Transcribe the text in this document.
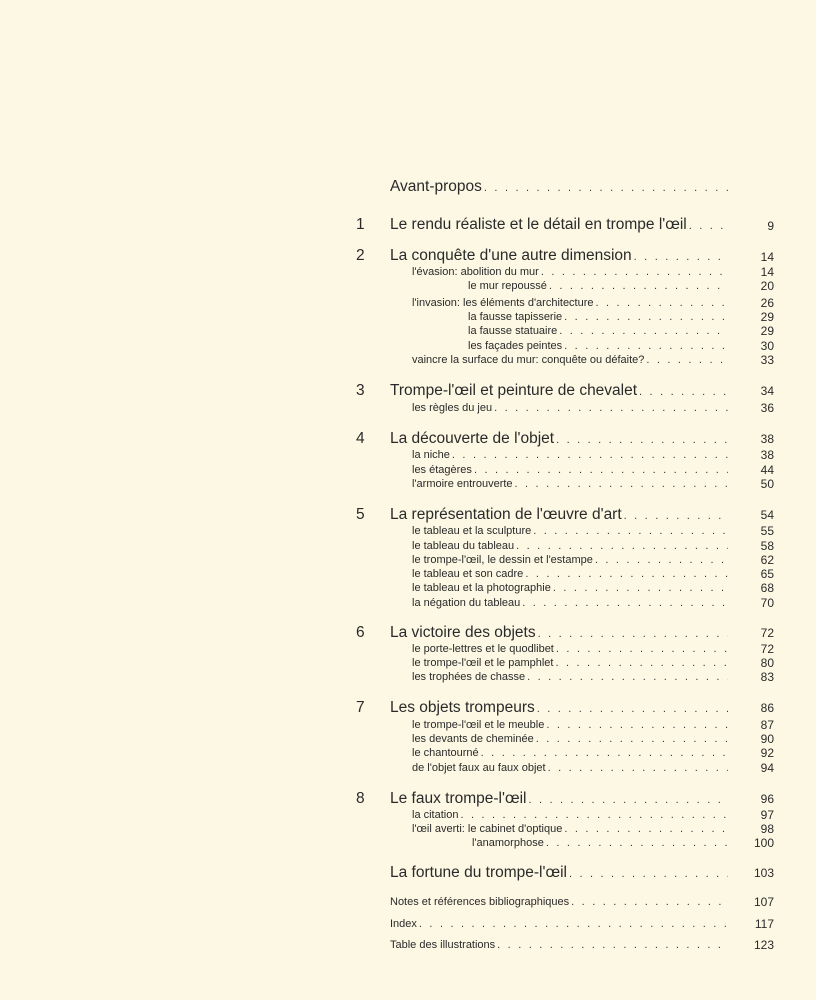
Avant-propos
. . .
1	Le rendu réaliste et le détail en trompe l'œil . . .	9
2	La conquête d'une autre dimension . . .	14
l'évasion: abolition du mur . . .	14
le mur repoussé . . .	20
l'invasion: les éléments d'architecture . . .	26
la fausse tapisserie . . .	29
la fausse statuaire . . .	29
les façades peintes . . .	30
vaincre la surface du mur: conquête ou défaite? . . .	33
3	Trompe-l'œil et peinture de chevalet . . .	34
les règles du jeu . . .	36
4	La découverte de l'objet . . .	38
la niche . . .	38
les étagères . . .	44
l'armoire entrouverte . . .	50
5	La représentation de l'œuvre d'art . . .	54
le tableau et la sculpture . . .	55
le tableau du tableau . . .	58
le trompe-l'œil, le dessin et l'estampe . . .	62
le tableau et son cadre . . .	65
le tableau et la photographie . . .	68
la négation du tableau . . .	70
6	La victoire des objets . . .	72
le porte-lettres et le quodlibet . . .	72
le trompe-l'œil et le pamphlet . . .	80
les trophées de chasse . . .	83
7	Les objets trompeurs . . .	86
le trompe-l'œil et le meuble . . .	87
les devants de cheminée . . .	90
le chantourné . . .	92
de l'objet faux au faux objet . . .	94
8	Le faux trompe-l'œil . . .	96
la citation . . .	97
l'œil averti: le cabinet d'optique . . .	98
l'anamorphose . . .	100
La fortune du trompe-l'œil . . .	103
Notes et références bibliographiques . . .	107
Index . . .	117
Table des illustrations . . .	123
